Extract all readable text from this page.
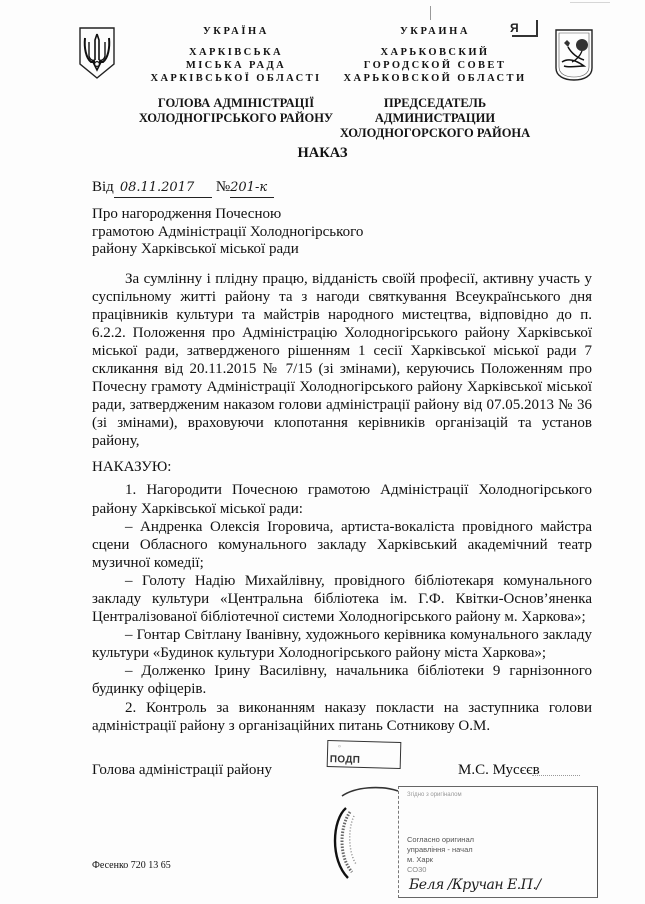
УКРАЇНА
ХАРКІВСЬКА
МІСЬКА РАДА
ХАРКІВСЬКОЇ ОБЛАСТІ
ГОЛОВА АДМІНІСТРАЦІЇ
ХОЛОДНОГІРСЬКОГО РАЙОНУ
УКРАИНА
ХАРЬКОВСКИЙ
ГОРОДСКОЙ СОВЕТ
ХАРЬКОВСКОЙ ОБЛАСТИ
ПРЕДСЕДАТЕЛЬ АДМИНИСТРАЦИИ
ХОЛОДНОГОРСКОГО РАЙОНА
Я
НАКАЗ
Від 08.11.2017	№ 201-к
Про нагородження Почесною
грамотою Адміністрації Холодногірського
району Харківської міської ради
За сумлінну і плідну працю, відданість своїй професії, активну участь у суспільному житті району та з нагоди святкування Всеукраїнського дня працівників культури та майстрів народного мистецтва, відповідно до п. 6.2.2. Положення про Адміністрацію Холодногірського району Харківської міської ради, затвердженого рішенням 1 сесії Харківської міської ради 7 скликання від 20.11.2015 № 7/15 (зі змінами), керуючись Положенням про Почесну грамоту Адміністрації Холодногірського району Харківської міської ради, затвердженим наказом голови адміністрації району від 07.05.2013 № 36 (зі змінами), враховуючи клопотання керівників організацій та установ району,
НАКАЗУЮ:
1. Нагородити Почесною грамотою Адміністрації Холодногірського району Харківської міської ради:
– Андренка Олексія Ігоровича, артиста-вокаліста провідного майстра сцени Обласного комунального закладу Харківський академічний театр музичної комедії;
– Голоту Надію Михайлівну, провідного бібліотекаря комунального закладу культури «Центральна бібліотека ім. Г.Ф. Квітки-Основ’яненка Централізованої бібліотечної системи Холодногірського району м. Харкова»;
– Гонтар Світлану Іванівну, художнього керівника комунального закладу культури «Будинок культури Холодногірського району міста Харкова»;
– Долженко Ірину Василівну, начальника бібліотеки 9 гарнізонного будинку офіцерів.
2. Контроль за виконанням наказу покласти на заступника голови адміністрації району з організаційних питань Сотникову О.М.
Голова адміністрації району	М.С. Мусєєв
▫
ПОДП
Згідно з оригіналом
Согласно оригинал
управління - начал
м. Харк
СО30
Беля /Кручан Е.П./
Фесенко 720 13 65
